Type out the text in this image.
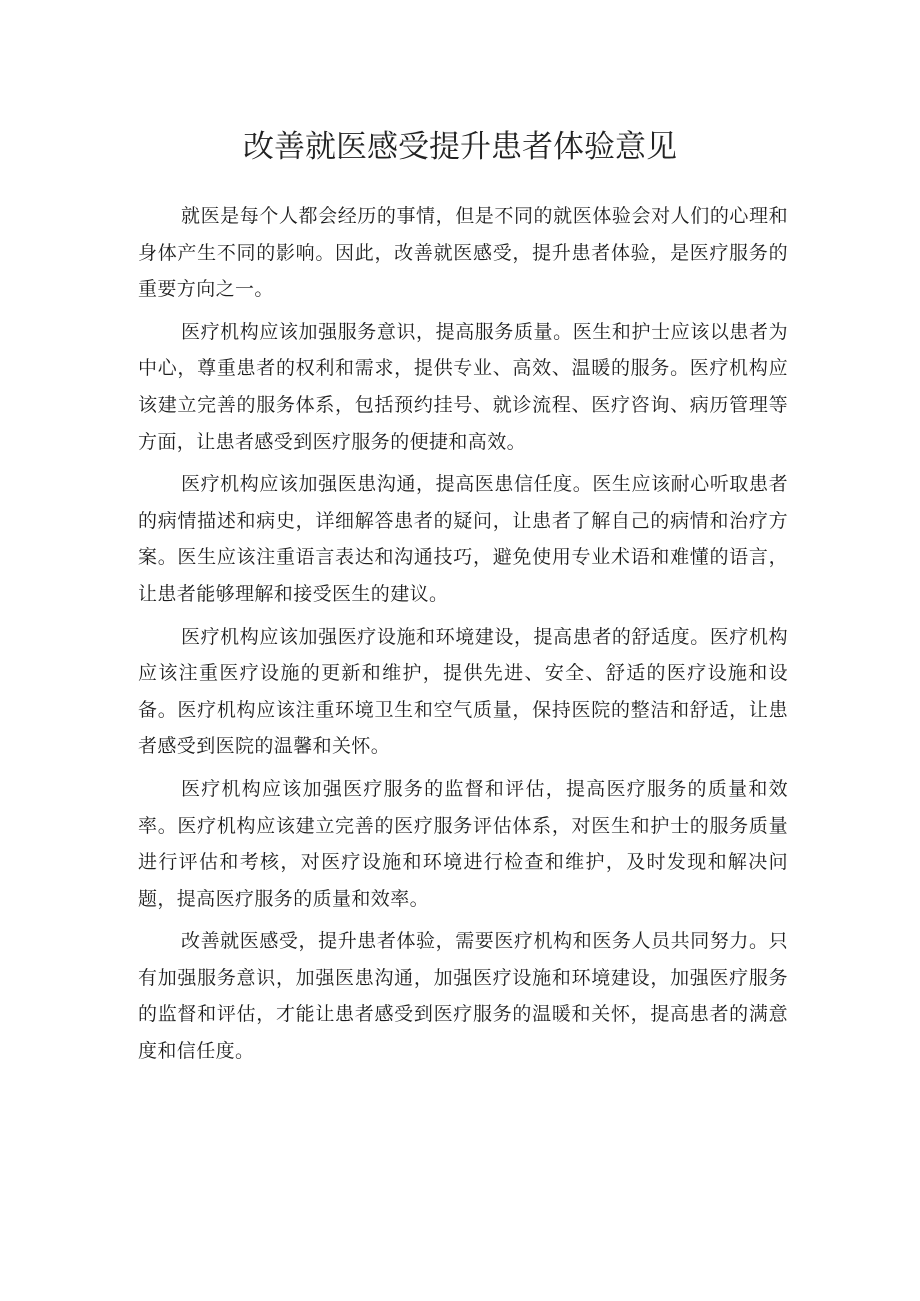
改善就医感受提升患者体验意见

就医是每个人都会经历的事情，但是不同的就医体验会对人们的心理和身体产生不同的影响。因此，改善就医感受，提升患者体验，是医疗服务的重要方向之一。

医疗机构应该加强服务意识，提高服务质量。医生和护士应该以患者为中心，尊重患者的权利和需求，提供专业、高效、温暖的服务。医疗机构应该建立完善的服务体系，包括预约挂号、就诊流程、医疗咨询、病历管理等方面，让患者感受到医疗服务的便捷和高效。

医疗机构应该加强医患沟通，提高医患信任度。医生应该耐心听取患者的病情描述和病史，详细解答患者的疑问，让患者了解自己的病情和治疗方案。医生应该注重语言表达和沟通技巧，避免使用专业术语和难懂的语言，让患者能够理解和接受医生的建议。

医疗机构应该加强医疗设施和环境建设，提高患者的舒适度。医疗机构应该注重医疗设施的更新和维护，提供先进、安全、舒适的医疗设施和设备。医疗机构应该注重环境卫生和空气质量，保持医院的整洁和舒适，让患者感受到医院的温馨和关怀。

医疗机构应该加强医疗服务的监督和评估，提高医疗服务的质量和效率。医疗机构应该建立完善的医疗服务评估体系，对医生和护士的服务质量进行评估和考核，对医疗设施和环境进行检查和维护，及时发现和解决问题，提高医疗服务的质量和效率。

改善就医感受，提升患者体验，需要医疗机构和医务人员共同努力。只有加强服务意识，加强医患沟通，加强医疗设施和环境建设，加强医疗服务的监督和评估，才能让患者感受到医疗服务的温暖和关怀，提高患者的满意度和信任度。
